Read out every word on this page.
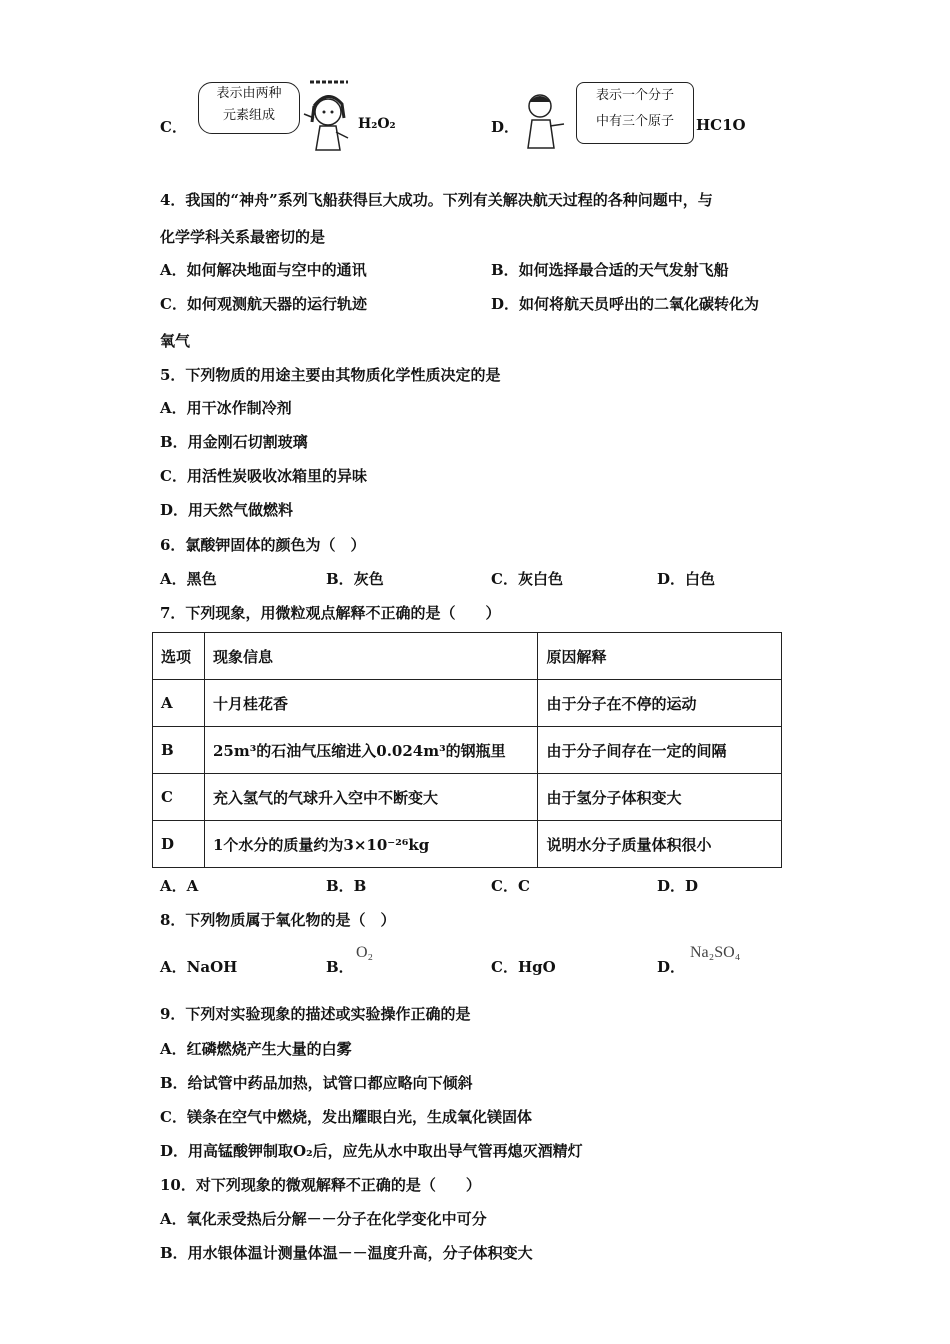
C．
表示由两种
元素组成
H₂O₂	D．
表示一个分子
中有三个原子	HC1O
4．我国的“神舟”系列飞船获得巨大成功。下列有关解决航天过程的各种问题中，与
化学学科关系最密切的是
A．如何解决地面与空中的通讯	B．如何选择最合适的天气发射飞船
C．如何观测航天器的运行轨迹	D．如何将航天员呼出的二氧化碳转化为
氧气
5．下列物质的用途主要由其物质化学性质决定的是
A．用干冰作制冷剂
B．用金刚石切割玻璃
C．用活性炭吸收冰箱里的异味
D．用天然气做燃料
6．氯酸钾固体的颜色为（　）
A．黑色	B．灰色	C．灰白色	D．白色
7．下列现象，用微粒观点解释不正确的是（　　）
选项	现象信息	原因解释
A	十月桂花香	由于分子在不停的运动
B	25m³的石油气压缩进入0.024m³的钢瓶里	由于分子间存在一定的间隔
C	充入氢气的气球升入空中不断变大	由于氢分子体积变大
D	1个水分的质量约为3×10⁻²⁶kg	说明水分子质量体积很小
A．A	B．B	C．C	D．D
8．下列物质属于氧化物的是（　）
A．NaOH	B．
O₂
C．HgO	D．
Na₂SO₄
9．下列对实验现象的描述或实验操作正确的是
A．红磷燃烧产生大量的白雾
B．给试管中药品加热，试管口都应略向下倾斜
C．镁条在空气中燃烧，发出耀眼白光，生成氧化镁固体
D．用高锰酸钾制取O₂后，应先从水中取出导气管再熄灭酒精灯
10．对下列现象的微观解释不正确的是（　　）
A．氧化汞受热后分解－－分子在化学变化中可分
B．用水银体温计测量体温－－温度升高，分子体积变大
